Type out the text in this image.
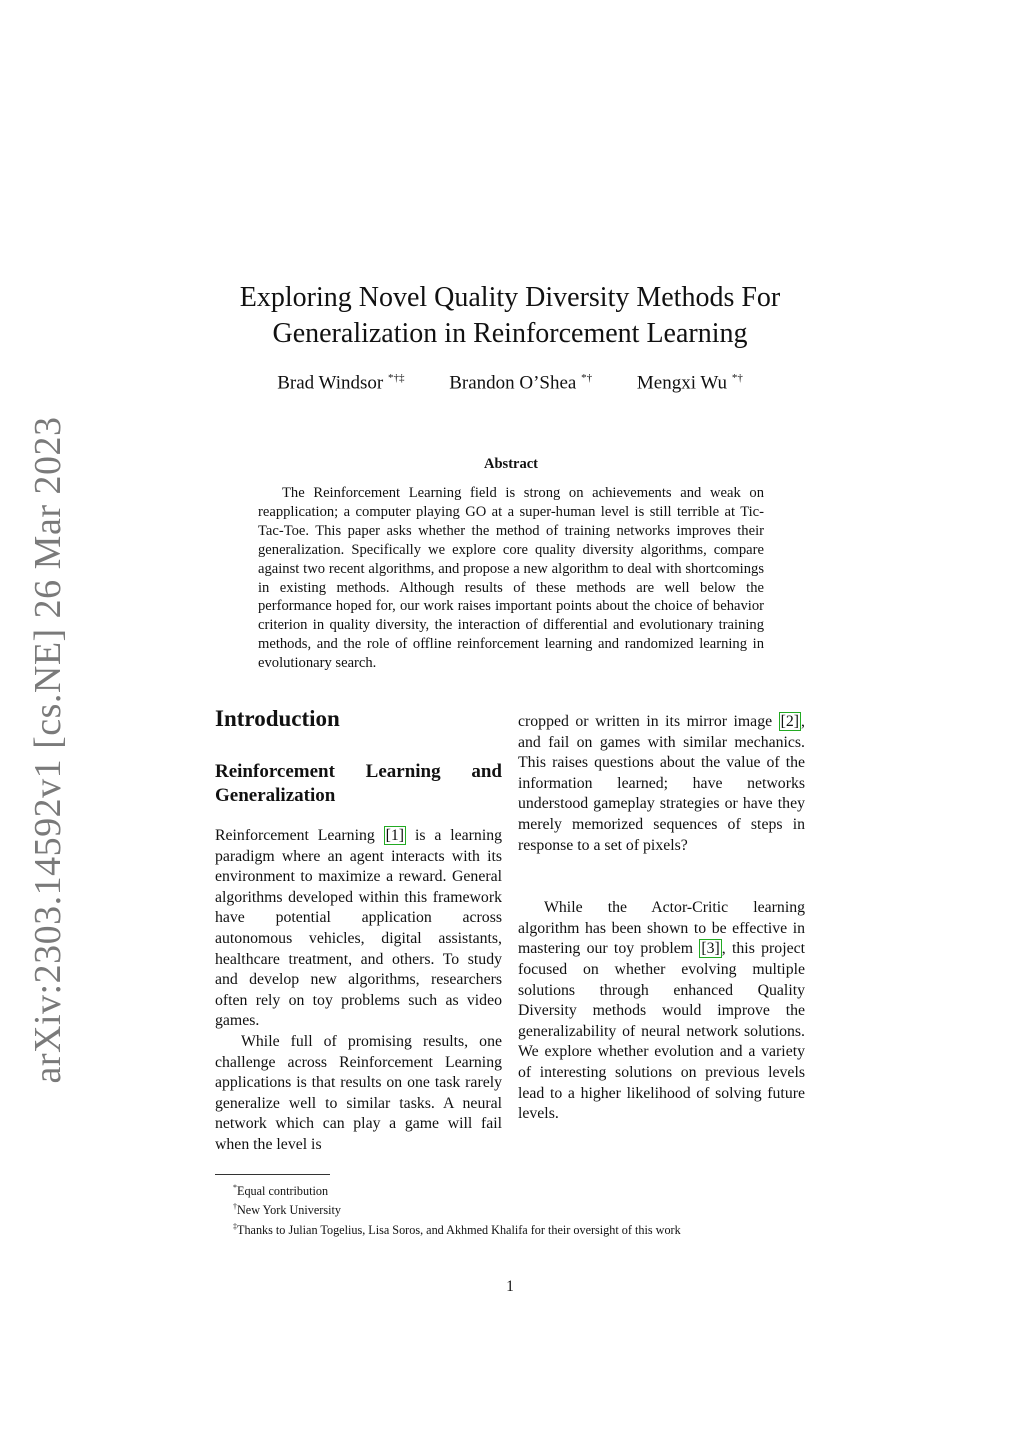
arXiv:2303.14592v1 [cs.NE] 26 Mar 2023
Exploring Novel Quality Diversity Methods For
Generalization in Reinforcement Learning
Brad Windsor *†‡ Brandon O’Shea *† Mengxi Wu *†
Abstract

The Reinforcement Learning field is strong on achievements and weak on reapplication; a computer playing GO at a super-human level is still terrible at Tic-Tac-Toe. This paper asks whether the method of training networks improves their generalization. Specifically we explore core quality diversity algorithms, compare against two recent algorithms, and propose a new algorithm to deal with shortcomings in existing methods. Although results of these methods are well below the performance hoped for, our work raises important points about the choice of behavior criterion in quality diversity, the interaction of differential and evolutionary training methods, and the role of offline reinforcement learning and randomized learning in evolutionary search.

Introduction
Reinforcement Learning and Generalization

Reinforcement Learning [1] is a learning paradigm where an agent interacts with its environment to maximize a reward. General algorithms developed within this framework have potential application across autonomous vehicles, digital assistants, healthcare treatment, and others. To study and develop new algorithms, researchers often rely on toy problems such as video games.

While full of promising results, one challenge across Reinforcement Learning applications is that results on one task rarely generalize well to similar tasks. A neural network which can play a game will fail when the level is

cropped or written in its mirror image [2] , and fail on games with similar mechanics. This raises questions about the value of the information learned; have networks understood gameplay strategies or have they merely memorized sequences of steps in response to a set of pixels?

While the Actor-Critic learning algorithm has been shown to be effective in mastering our toy problem [3] , this project focused on whether evolving multiple solutions through enhanced Quality Diversity methods would improve the generalizability of neural network solutions. We explore whether evolution and a variety of interesting solutions on previous levels lead to a higher likelihood of solving future levels.

*Equal contribution
†New York University
‡Thanks to Julian Togelius, Lisa Soros, and Akhmed Khalifa for their oversight of this work
1
